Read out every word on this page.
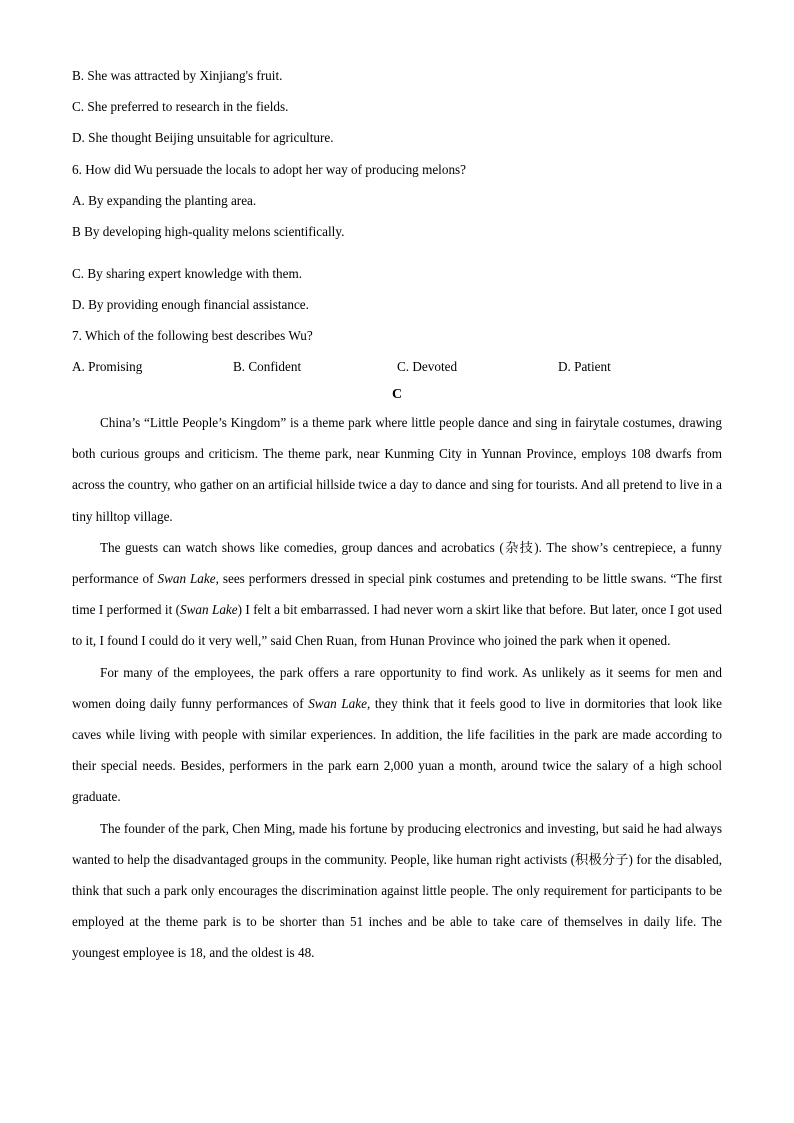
B. She was attracted by Xinjiang's fruit.
C. She preferred to research in the fields.
D. She thought Beijing unsuitable for agriculture.
6. How did Wu persuade the locals to adopt her way of producing melons?
A. By expanding the planting area.
B By developing high-quality melons scientifically.
C. By sharing expert knowledge with them.
D. By providing enough financial assistance.
7. Which of the following best describes Wu?
A. Promising	B. Confident	C. Devoted	D. Patient
C

China’s “Little People’s Kingdom” is a theme park where little people dance and sing in fairytale costumes, drawing both curious groups and criticism. The theme park, near Kunming City in Yunnan Province, employs 108 dwarfs from across the country, who gather on an artificial hillside twice a day to dance and sing for tourists. And all pretend to live in a tiny hilltop village.

The guests can watch shows like comedies, group dances and acrobatics (杂技). The show’s centrepiece, a funny performance of Swan Lake, sees performers dressed in special pink costumes and pretending to be little swans. “The first time I performed it (Swan Lake) I felt a bit embarrassed. I had never worn a skirt like that before. But later, once I got used to it, I found I could do it very well,” said Chen Ruan, from Hunan Province who joined the park when it opened.

For many of the employees, the park offers a rare opportunity to find work. As unlikely as it seems for men and women doing daily funny performances of Swan Lake, they think that it feels good to live in dormitories that look like caves while living with people with similar experiences. In addition, the life facilities in the park are made according to their special needs. Besides, performers in the park earn 2,000 yuan a month, around twice the salary of a high school graduate.

The founder of the park, Chen Ming, made his fortune by producing electronics and investing, but said he had always wanted to help the disadvantaged groups in the community. People, like human right activists (积极分子) for the disabled, think that such a park only encourages the discrimination against little people. The only requirement for participants to be employed at the theme park is to be shorter than 51 inches and be able to take care of themselves in daily life. The youngest employee is 18, and the oldest is 48.
